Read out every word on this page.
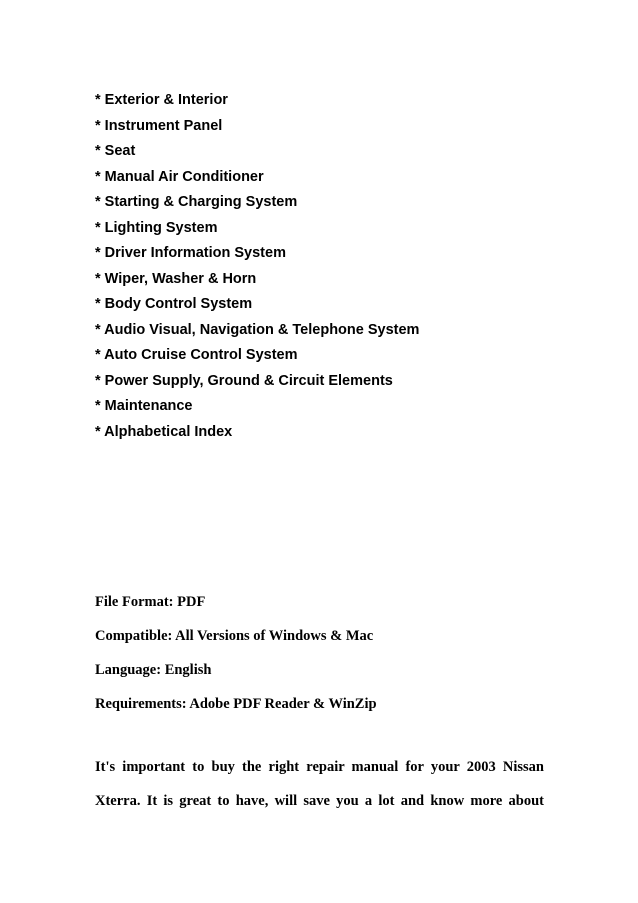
* Exterior & Interior
* Instrument Panel
* Seat
* Manual Air Conditioner
* Starting & Charging System
* Lighting System
* Driver Information System
* Wiper, Washer & Horn
* Body Control System
* Audio Visual, Navigation & Telephone System
* Auto Cruise Control System
* Power Supply, Ground & Circuit Elements
* Maintenance
* Alphabetical Index
File Format: PDF
Compatible: All Versions of Windows & Mac
Language: English
Requirements: Adobe PDF Reader & WinZip
It's important to buy the right repair manual for your 2003 Nissan
Xterra. It is great to have, will save you a lot and know more about
